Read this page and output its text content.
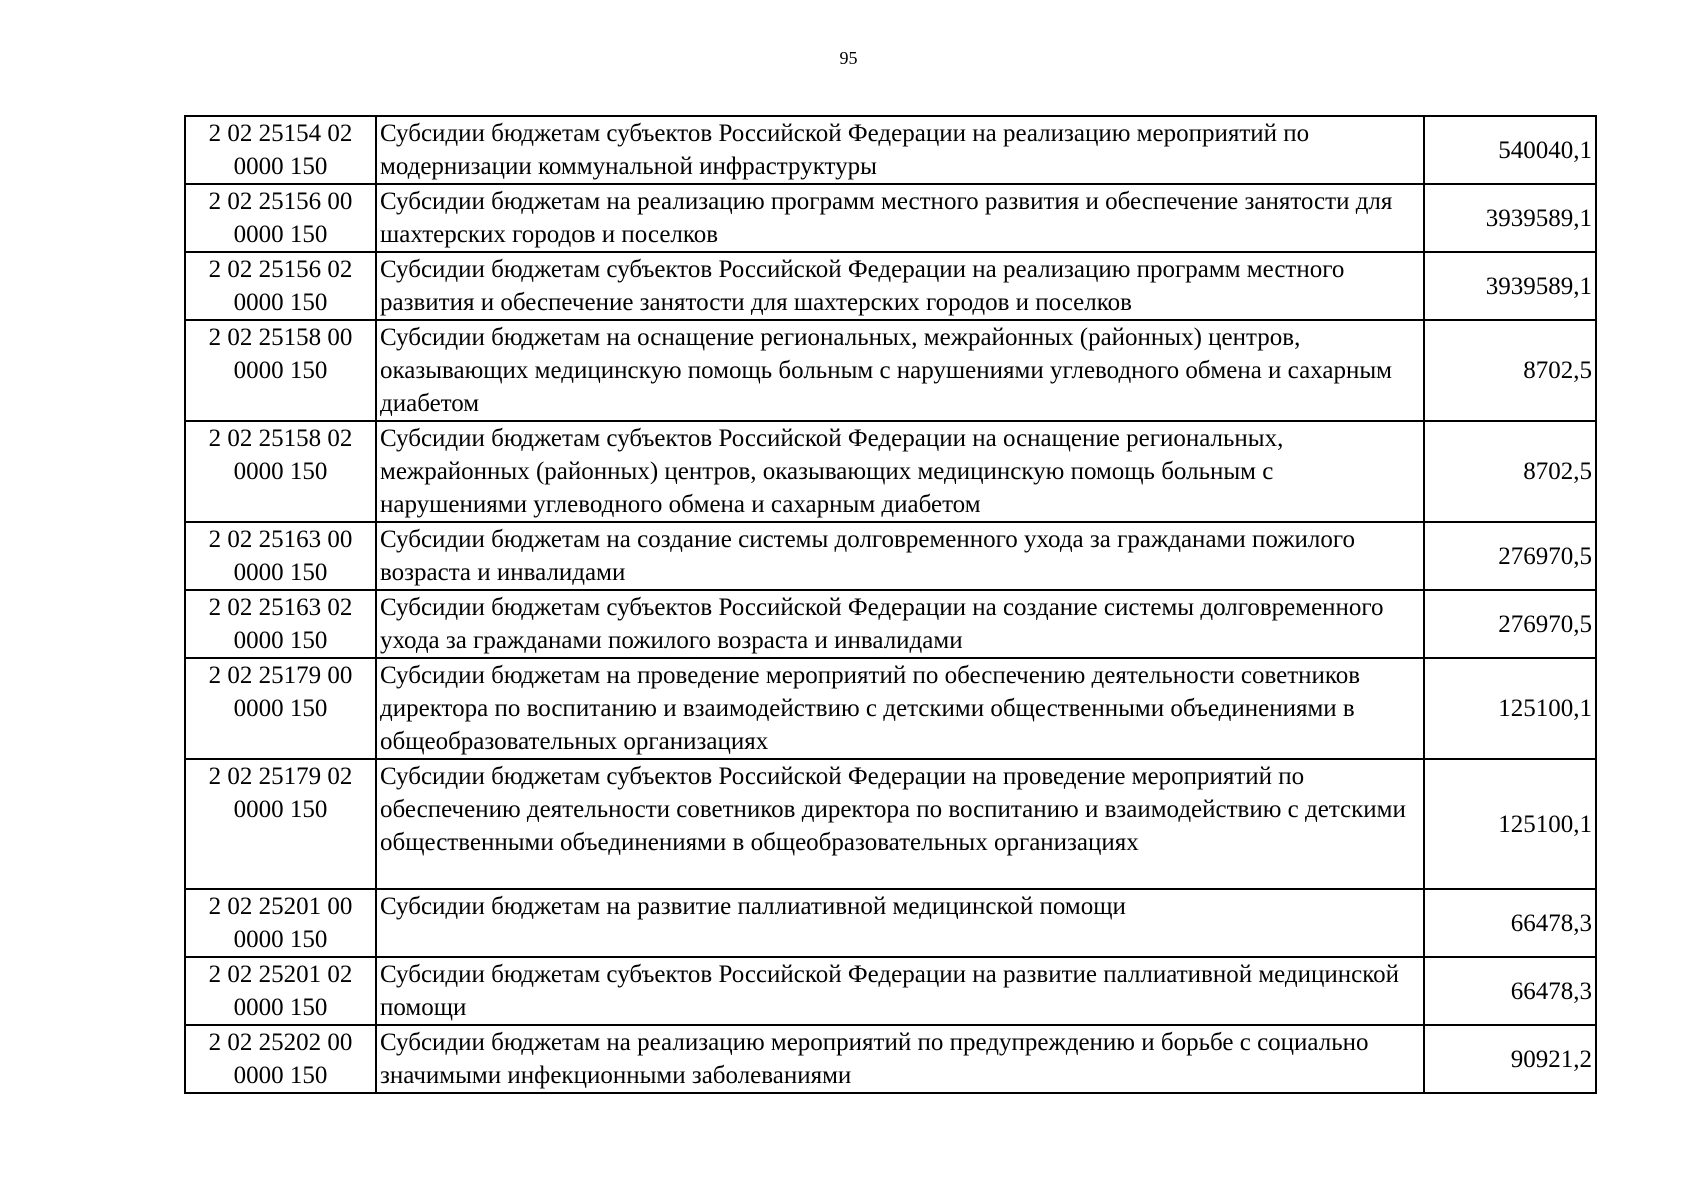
95
2 02 25154 02
0000 150	Субсидии бюджетам субъектов Российской Федерации на реализацию мероприятий по модернизации коммунальной инфраструктуры	540040,1
2 02 25156 00
0000 150	Субсидии бюджетам на реализацию программ местного развития и обеспечение занятости для шахтерских городов и поселков	3939589,1
2 02 25156 02
0000 150	Субсидии бюджетам субъектов Российской Федерации на реализацию программ местного развития и обеспечение занятости для шахтерских городов и поселков	3939589,1
2 02 25158 00
0000 150	Субсидии бюджетам на оснащение региональных, межрайонных (районных) центров, оказывающих медицинскую помощь больным с нарушениями углеводного обмена и сахарным диабетом	8702,5
2 02 25158 02
0000 150	Субсидии бюджетам субъектов Российской Федерации на оснащение региональных, межрайонных (районных) центров, оказывающих медицинскую помощь больным с нарушениями углеводного обмена и сахарным диабетом	8702,5
2 02 25163 00
0000 150	Субсидии бюджетам на создание системы долговременного ухода за гражданами пожилого возраста и инвалидами	276970,5
2 02 25163 02
0000 150	Субсидии бюджетам субъектов Российской Федерации на создание системы долговременного ухода за гражданами пожилого возраста и инвалидами	276970,5
2 02 25179 00
0000 150	Субсидии бюджетам на проведение мероприятий по обеспечению деятельности советников директора по воспитанию и взаимодействию с детскими общественными объединениями в общеобразовательных организациях	125100,1
2 02 25179 02
0000 150	Субсидии бюджетам субъектов Российской Федерации на проведение мероприятий по обеспечению деятельности советников директора по воспитанию и взаимодействию с детскими общественными объединениями в общеобразовательных организациях	125100,1
2 02 25201 00
0000 150	Субсидии бюджетам на развитие паллиативной медицинской помощи	66478,3
2 02 25201 02
0000 150	Субсидии бюджетам субъектов Российской Федерации на развитие паллиативной медицинской помощи	66478,3
2 02 25202 00
0000 150	Субсидии бюджетам на реализацию мероприятий по предупреждению и борьбе с социально значимыми инфекционными заболеваниями	90921,2
